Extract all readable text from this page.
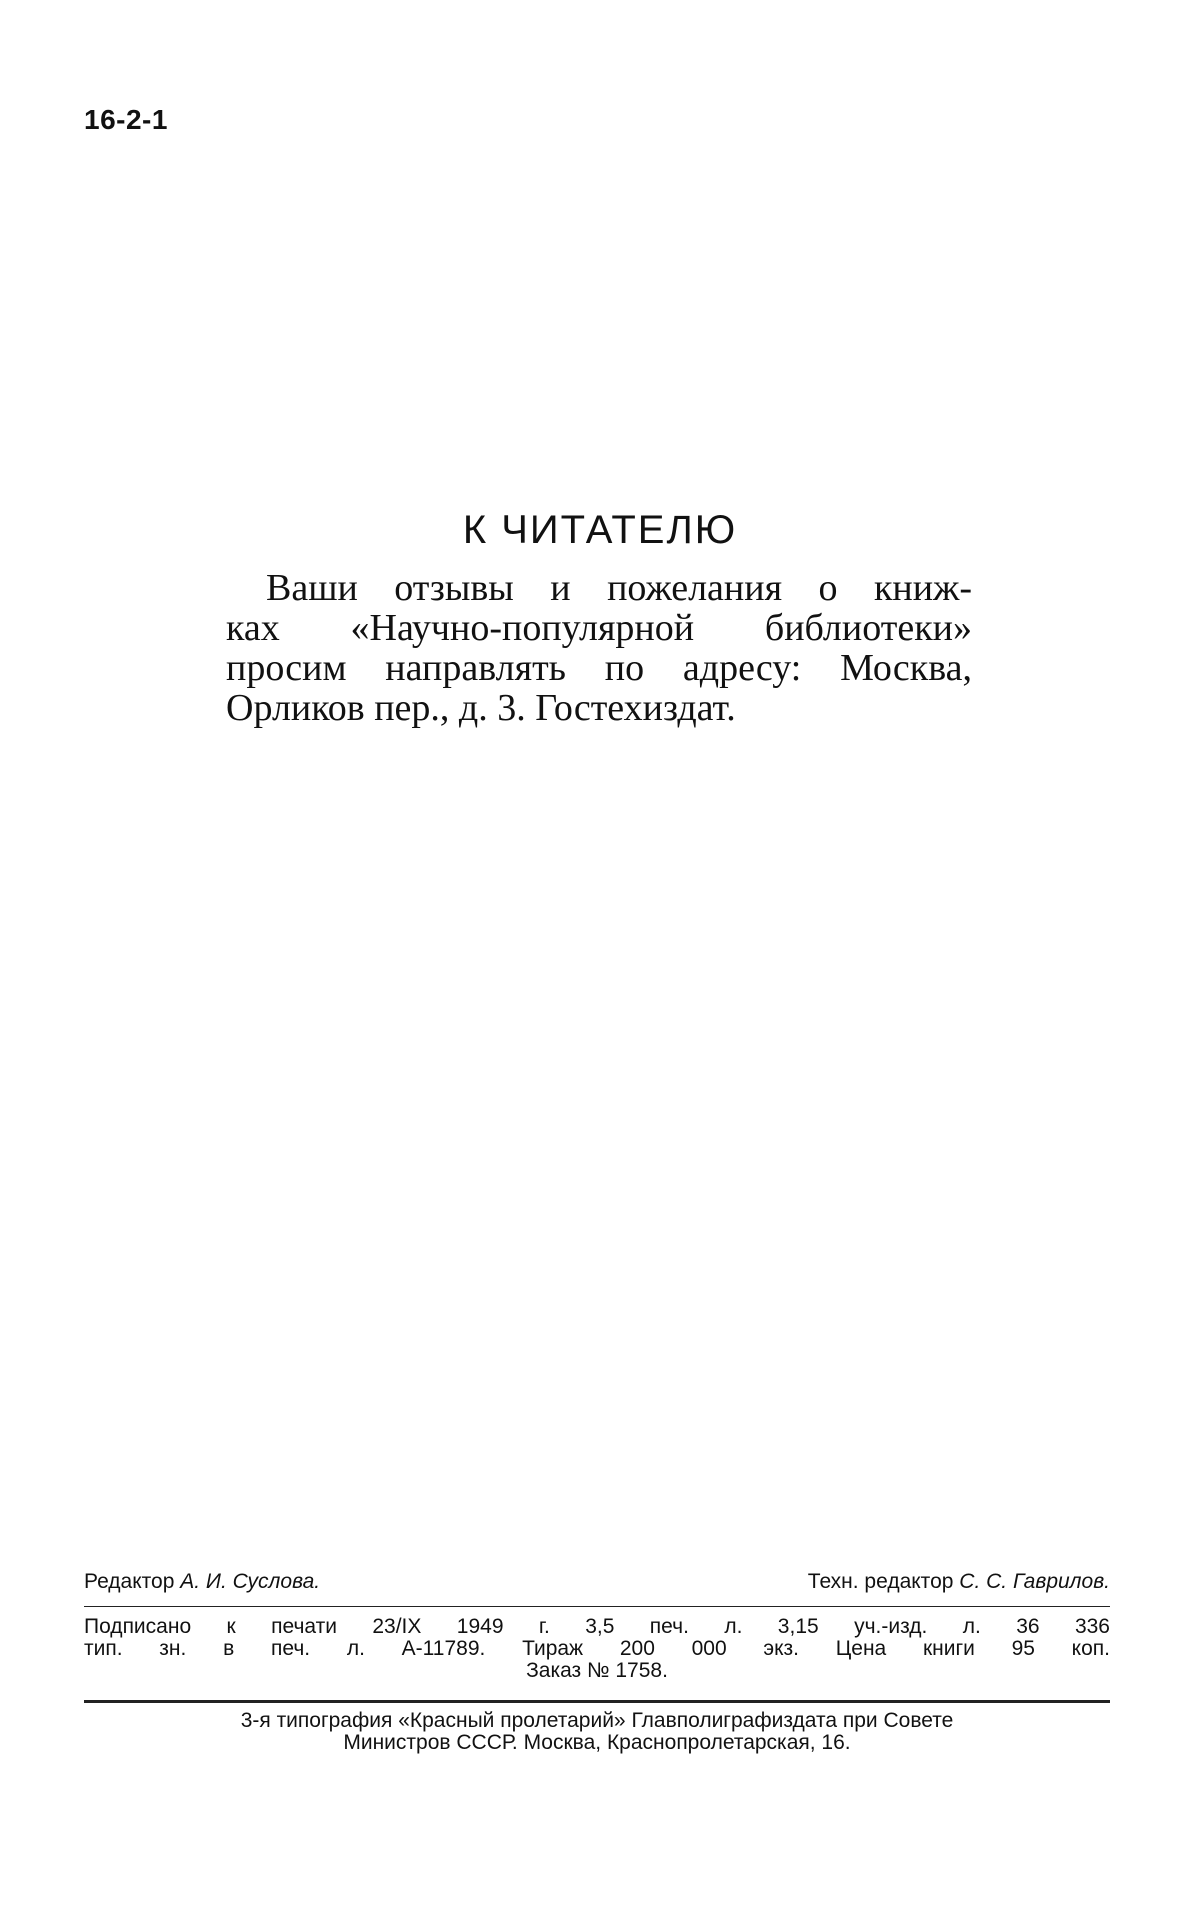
16-2-1
К ЧИТАТЕЛЮ
Ваши отзывы и пожелания о книж-
ках «Научно-популярной библиотеки»
просим направлять по адресу: Москва,
Орликов пер., д. 3. Гостехиздат.
Редактор А. И. Суслова.	Техн. редактор С. С. Гаврилов.
Подписано к печати 23/IX 1949 г. 3,5 печ. л. 3,15 уч.-изд. л. 36 336
тип. зн. в печ. л. А-11789. Тираж 200 000 экз. Цена книги 95 коп.
Заказ № 1758.
3-я типография «Красный пролетарий» Главполиграфиздата при Совете
Министров СССР. Москва, Краснопролетарская, 16.
